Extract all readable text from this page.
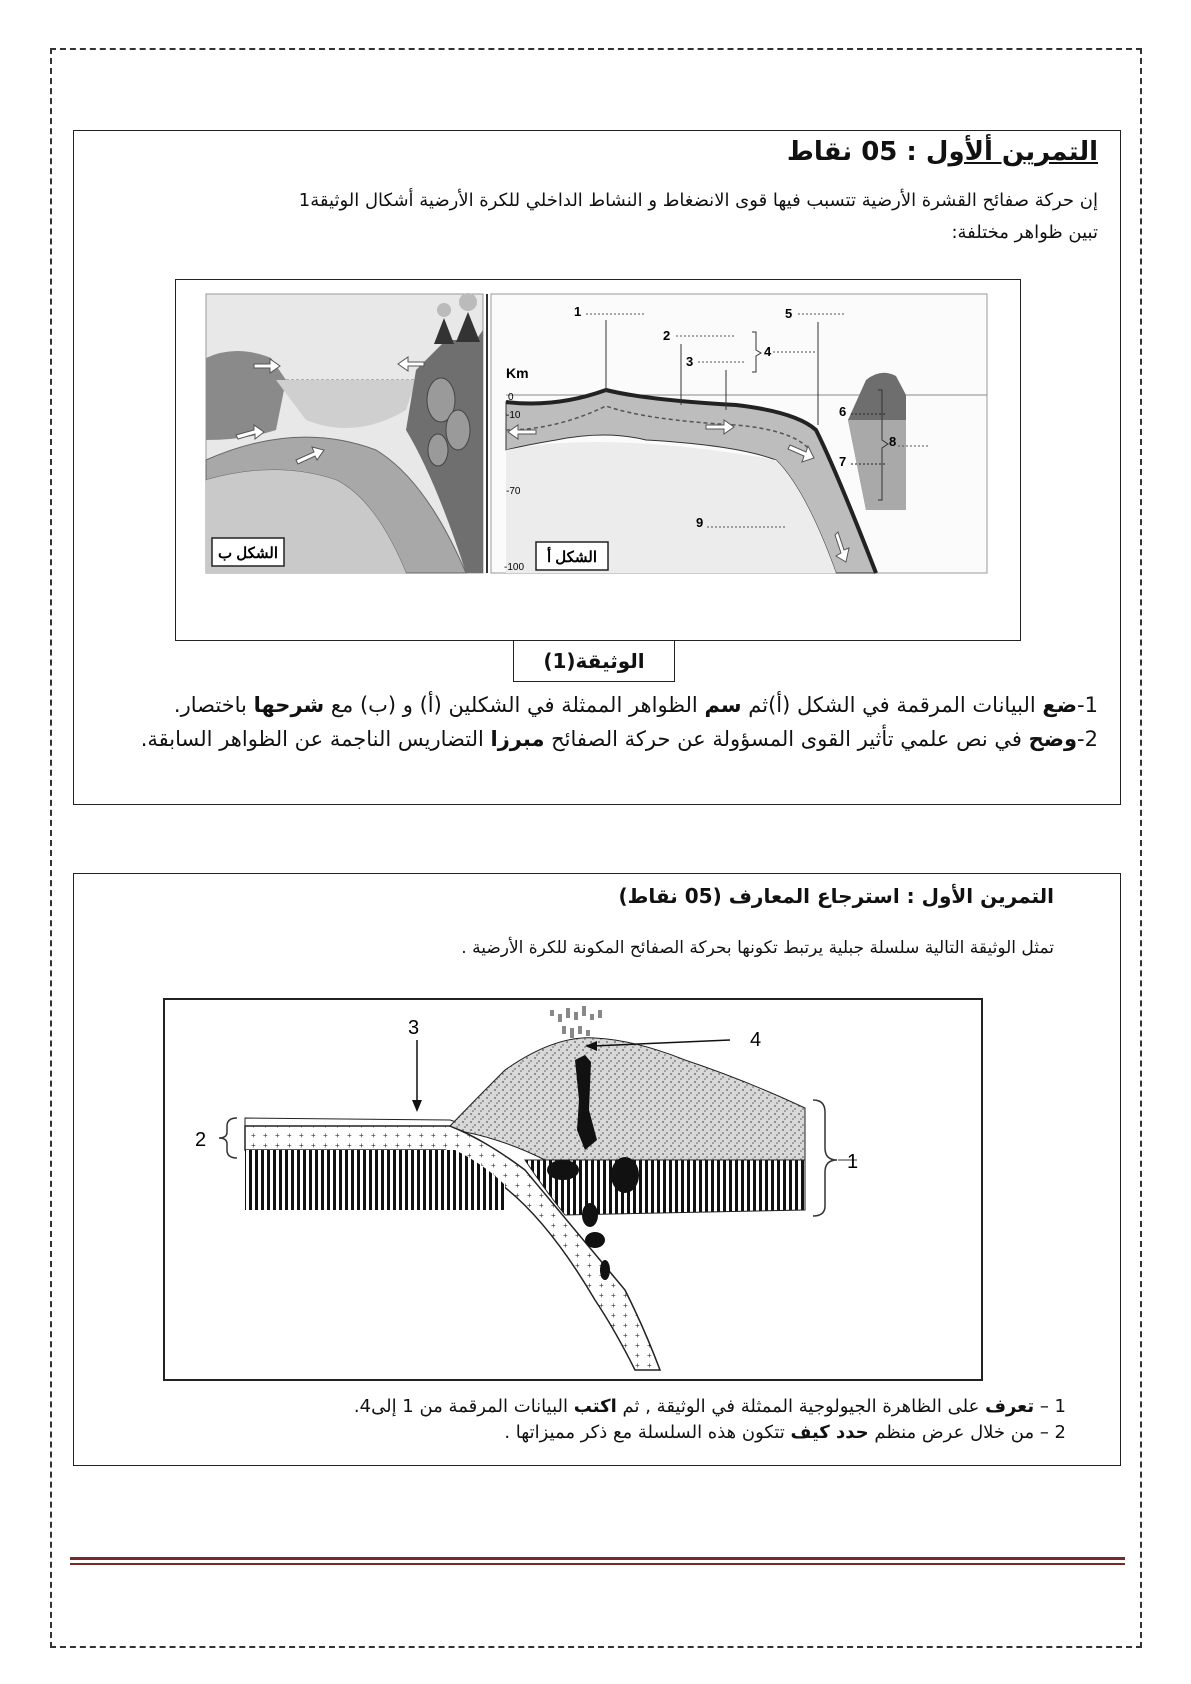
التمرين ألأول : 05 نقاط
إن حركة صفائح القشرة الأرضية تتسبب فيها قوى الانضغاط و النشاط الداخلي للكرة الأرضية أشكال الوثيقة1
تبين ظواهر مختلفة:
الشكل ب
Km
0
-10
-70
-100
1
2
3
4
5
6
7
8
9
الشكل أ
الوثيقة(1)
1-ضع البيانات المرقمة في الشكل (أ)ثم سم الظواهر الممثلة في الشكلين (أ) و (ب) مع شرحها باختصار.
2-وضح في نص علمي تأثير القوى المسؤولة عن حركة الصفائح مبرزا التضاريس الناجمة عن الظواهر السابقة.
التمرين الأول : استرجاع المعارف (05 نقاط)
تمثل الوثيقة التالية سلسلة جبلية يرتبط تكونها بحركة الصفائح المكونة للكرة الأرضية .
1
2
3
4
1 – تعرف على الظاهرة الجيولوجية الممثلة في الوثيقة , ثم اكتب البيانات المرقمة من 1 إلى4.
2 – من خلال عرض منظم حدد كيف تتكون هذه السلسلة مع ذكر مميزاتها .
